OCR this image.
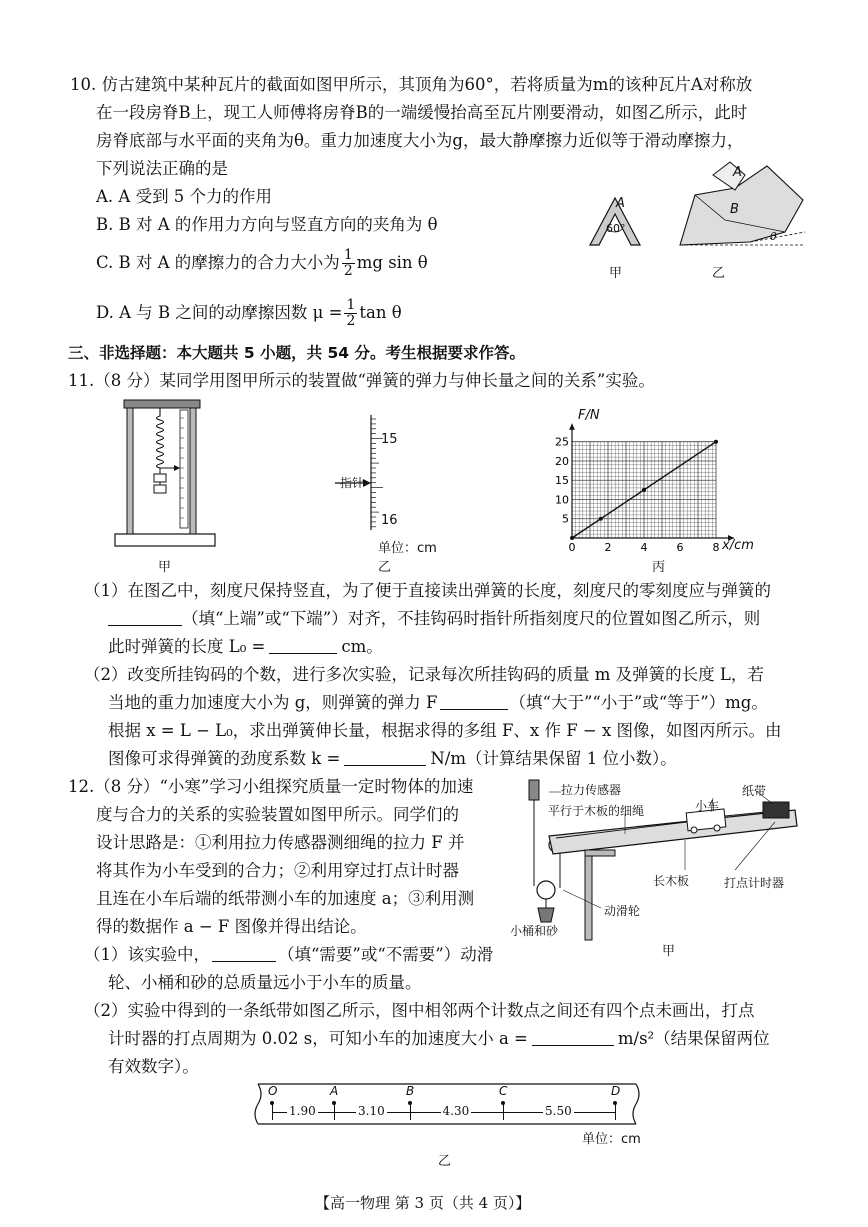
10. 仿古建筑中某种瓦片的截面如图甲所示，其顶角为60°，若将质量为m的该种瓦片A对称放
在一段房脊B上，现工人师傅将房脊B的一端缓慢抬高至瓦片刚要滑动，如图乙所示，此时
房脊底部与水平面的夹角为θ。重力加速度大小为g，最大静摩擦力近似等于滑动摩擦力，
下列说法正确的是
A. A 受到 5 个力的作用
B. B 对 A 的作用力方向与竖直方向的夹角为 θ
C. B 对 A 的摩擦力的合力大小为 $\frac{1}{2}$ mg sin θ
D. A 与 B 之间的动摩擦因数 $\mu = \frac{1}{2}$ tan θ
A
60°
甲
A
B
θ
乙
三、非选择题：本大题共 5 小题，共 54 分。考生根据要求作答。
11.（8 分）某同学用图甲所示的装置做“弹簧的弹力与伸长量之间的关系”实验。
甲
15
16
指针
单位：cm
乙
0	2	4	6	8
5
10
15
20
25
F/N
x/cm
丙
（1）在图乙中，刻度尺保持竖直，为了便于直接读出弹簧的长度，刻度尺的零刻度应与弹簧的
（填“上端”或“下端”）对齐，不挂钩码时指针所指刻度尺的位置如图乙所示，则
此时弹簧的长度 L₀ =	cm。
（2）改变所挂钩码的个数，进行多次实验，记录每次所挂钩码的质量 m 及弹簧的长度 L，若
当地的重力加速度大小为 g，则弹簧的弹力 F	（填“大于”“小于”或“等于”）mg。
根据 x = L − L₀，求出弹簧伸长量，根据求得的多组 F、x 作 F − x 图像，如图丙所示。由
图像可求得弹簧的劲度系数 k =	N/m（计算结果保留 1 位小数）。
12.（8 分）“小寒”学习小组探究质量一定时物体的加速
度与合力的关系的实验装置如图甲所示。同学们的
设计思路是：①利用拉力传感器测细绳的拉力 F 并
将其作为小车受到的合力；②利用穿过打点计时器
且连在小车后端的纸带测小车的加速度 a；③利用测
得的数据作 a − F 图像并得出结论。
（1）该实验中，	（填“需要”或“不需要”）动滑
轮、小桶和砂的总质量远小于小车的质量。
（2）实验中得到的一条纸带如图乙所示，图中相邻两个计数点之间还有四个点未画出，打点
计时器的打点周期为 0.02 s，可知小车的加速度大小 a =	m/s²（结果保留两位
有效数字）。
拉力传感器
平行于木板的细绳	小车
纸带
长木板	打点计时器
动滑轮
小桶和砂
甲
O	A	B	C	D
1.90	3.10	4.30	5.50
单位：cm
乙
【高一物理 第 3 页（共 4 页）】
